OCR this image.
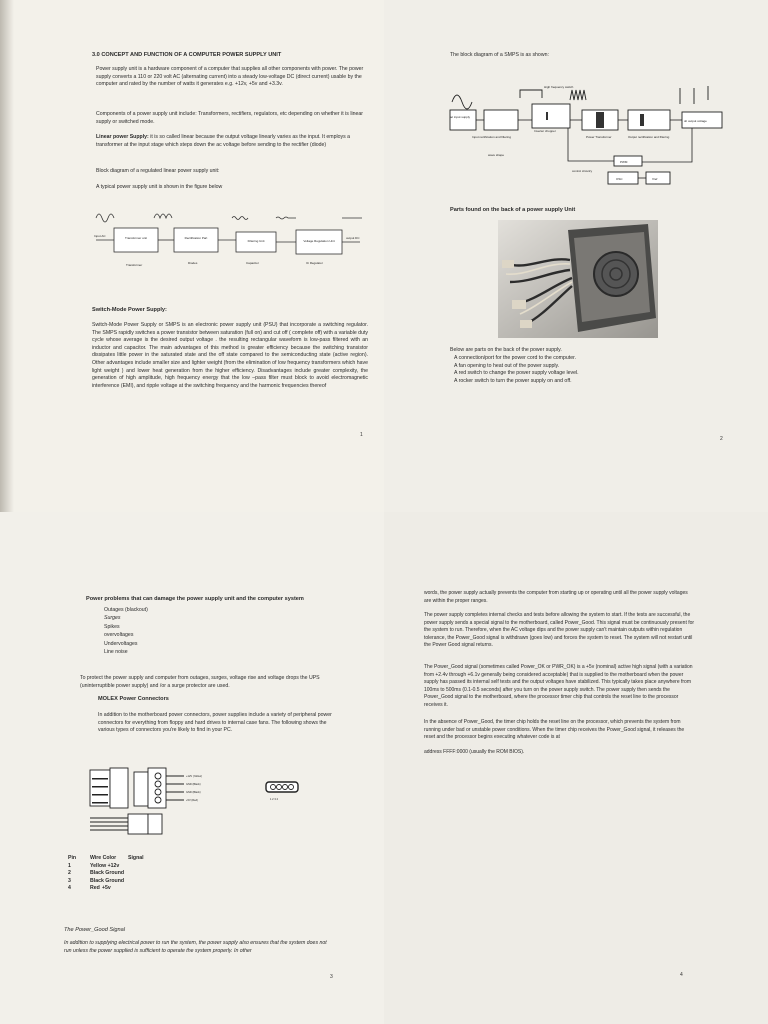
3.0 CONCEPT AND FUNCTION OF A COMPUTER POWER SUPPLY UNIT

Power supply unit is a hardware component of a computer that supplies all other components with power. The power supply converts a 110 or 220 volt AC (alternating current) into a steady low-voltage DC (direct current) usable by the computer and rated by the number of watts it generates e.g. +12v, +5v and +3.3v.

Components of a power supply unit include: Transformers, rectifiers, regulators, etc depending on whether it is linear supply or switched mode.

Linear power Supply: it is so called linear because the output voltage linearly varies as the input. It employs a transformer at the input stage which steps down the ac voltage before sending to the rectifier (diode)

Block diagram of a regulated linear power supply unit:

A typical power supply unit is shown in the figure below

Transformer unit	Rectification Part
Filtering Unit	Voltage Regulation Unit
Input AC	output DC
Transformer	Diodes	Capacitor	IC Regulator

Switch-Mode Power Supply:

Switch-Mode Power Supply or SMPS is an electronic power supply unit (PSU) that incorporate a switching regulator. The SMPS rapidly switches a power transistor between saturation (full on) and cut off ( complete off) with a variable duty cycle whose average is the desired output voltage . the resulting rectangular waveform is low-pass filtered with an inductor and capacitor. The main advantages of this method is greater efficiency because the switching transistor dissipates little power in the saturated state and the off state compared to the semiconducting state (active region). Other advantages include smaller size and lighter weight (from the elimination of low frequency transformers which have light weight ) and lower heat generation from the higher efficiency. Disadvantages include greater complexity, the generation of high amplitude, high frequency energy that the low –pass filter must block to avoid electromagnetic interference (EMI), and ripple voltage at the switching frequency and the harmonic frequencies thereof

1

The block diagram of a SMPS is as shown:

ac input supply
Input rectification and filtering
Inverter chopper
Power Transformer	Output rectification and filtering
dc output voltage
control circuitry
PWM
OSC	Vref
High frequency switch
wave shape

Parts found on the back of a power supply Unit

Below are parts on the back of the power supply.

A connection/port for the power cord to the computer.
A fan opening to heat out of the power supply.
A red switch to change the power supply voltage level.
A rocker switch to turn the power supply on and off.
2

Power problems that can damage the power supply unit and the computer system

Outages (blackout)
Surges
Spikes
overvoltages
Undervoltages
Line noise

To protect the power supply and computer from outages, surges, voltage rise and voltage drops the UPS (uninterruptible power supply) and /or a surge protector are used.

MOLEX Power Connectors

In addition to the motherboard power connectors, power supplies include a variety of peripheral power connectors for everything from floppy and hard drives to internal case fans. The following shows the various types of connectors you're likely to find in your PC.

+12V (Yellow)
GND (Black)
GND (Black)
+5V (Red)	1 2 3 4
Pin	Wire Color Signal
1	Yellow +12v
2	Black Ground
3	Black Ground
4	Red +5v

The Power_Good Signal

In addition to supplying electrical power to run the system, the power supply also ensures that the system does not run unless the power supplied is sufficient to operate the system properly. In other

3

words, the power supply actually prevents the computer from starting up or operating until all the power supply voltages are within the proper ranges.

The power supply completes internal checks and tests before allowing the system to start. If the tests are successful, the power supply sends a special signal to the motherboard, called Power_Good. This signal must be continuously present for the system to run. Therefore, when the AC voltage dips and the power supply can't maintain outputs within regulation tolerance, the Power_Good signal is withdrawn (goes low) and forces the system to reset. The system will not restart until the Power Good signal returns.

The Power_Good signal (sometimes called Power_OK or PWR_OK) is a +5v (nominal) active high signal (with a variation from +2.4v through +6.1v generally being considered acceptable) that is supplied to the motherboard when the power supply has passed its internal self tests and the output voltages have stabilized. This typically takes place anywhere from 100ms to 500ms (0.1-0.5 seconds) after you turn on the power supply switch. The power supply then sends the Power_Good signal to the motherboard, where the processor timer chip that controls the reset line to the processor receives it.

In the absence of Power_Good, the timer chip holds the reset line on the processor, which prevents the system from running under bad or unstable power conditions. When the timer chip receives the Power_Good signal, it releases the reset and the processor begins executing whatever code is at

address FFFF:0000 (usually the ROM BIOS).

4
